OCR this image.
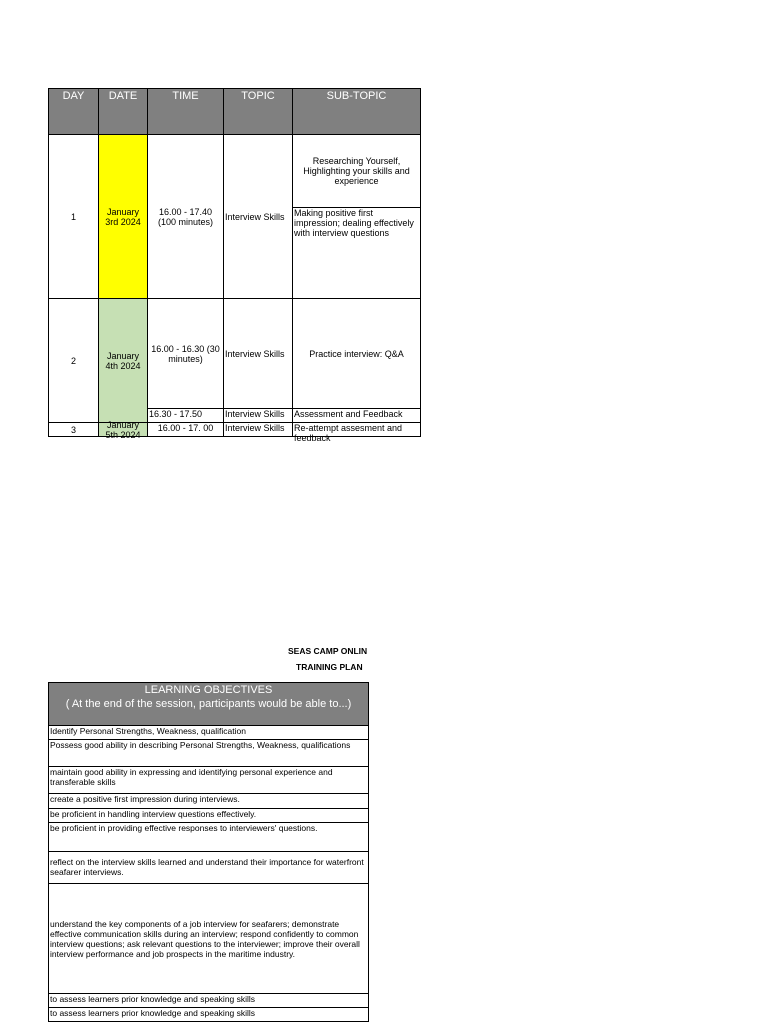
DAY	DATE	TIME	TOPIC	SUB-TOPIC
1	January 3rd 2024	16.00 - 17.40 (100 minutes)	Interview Skills	Researching Yourself, Highlighting your skills and experience
				Making positive first impression; dealing effectively with interview questions
2	January 4th 2024	16.00 - 16.30 (30 minutes)	Interview Skills	Practice interview: Q&A

		16.30 - 17.50	Interview Skills	Assessment and Feedback
3	January 5th 2024	16.00 - 17. 00	Interview Skills	Re-attempt assesment and feedback
SEAS CAMP ONLIN
TRAINING PLAN
LEARNING OBJECTIVES
( At the end of the session, participants would be able to...)

Identify Personal Strengths, Weakness, qualification
Possess good ability in describing Personal Strengths, Weakness, qualifications
maintain good ability in expressing and identifying personal experience and transferable skills
create a positive first impression during interviews.
be proficient in handling interview questions effectively.
be proficient in providing effective responses to interviewers' questions.
reflect on the interview skills learned and understand their importance for waterfront seafarer interviews.
understand the key components of a job interview for seafarers; demonstrate effective communication skills during an interview; respond confidently to common interview questions; ask relevant questions to the interviewer; improve their overall interview performance and job prospects in the maritime industry.
to assess learners prior knowledge and speaking skills
to assess learners prior knowledge and speaking skills
